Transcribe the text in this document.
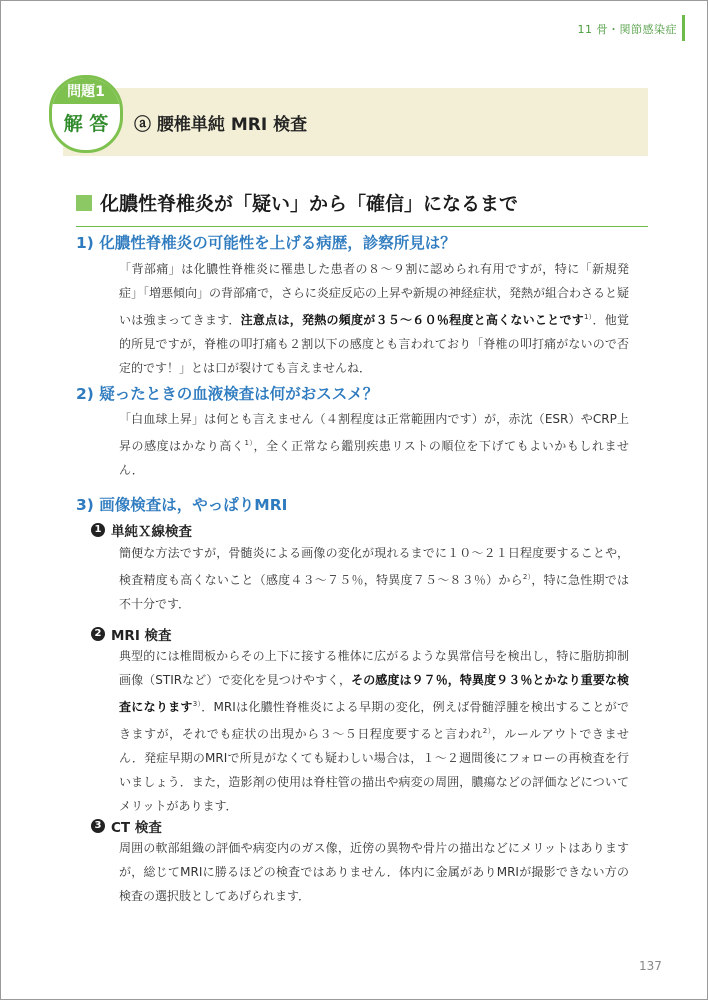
11 骨・関節感染症
問題1
解 答	ⓐ 腰椎単純 MRI 検査
化膿性脊椎炎が「疑い」から「確信」になるまで
1) 化膿性脊椎炎の可能性を上げる病歴，診察所見は？
「背部痛」は化膿性脊椎炎に罹患した患者の８～９割に認められ有用ですが，特に「新規発症」「増悪傾向」の背部痛で，さらに炎症反応の上昇や新規の神経症状，発熱が組合わさると疑いは強まってきます．注意点は，発熱の頻度が３５～６０％程度と高くないことです$^{1)}$．他覚的所見ですが，脊椎の叩打痛も２割以下の感度とも言われており「脊椎の叩打痛がないので否定的です！」とは口が裂けても言えませんね．
2) 疑ったときの血液検査は何がおススメ？
「白血球上昇」は何とも言えません（４割程度は正常範囲内です）が，赤沈（ESR）やCRP上昇の感度はかなり高く$^{1)}$，全く正常なら鑑別疾患リストの順位を下げてもよいかもしれません．
3) 画像検査は，やっぱりMRI
1 単純Ｘ線検査
簡便な方法ですが，骨髄炎による画像の変化が現れるまでに１０～２１日程度要することや，検査精度も高くないこと（感度４３～７５％，特異度７５～８３％）から$^{2)}$，特に急性期では不十分です．
2 MRI 検査
典型的には椎間板からその上下に接する椎体に広がるような異常信号を検出し，特に脂肪抑制画像（STIRなど）で変化を見つけやすく，その感度は９７％，特異度９３％とかなり重要な検査になります$^{3)}$．MRIは化膿性脊椎炎による早期の変化，例えば骨髄浮腫を検出することができますが，それでも症状の出現から３～５日程度要すると言われ$^{2)}$，ルールアウトできません．発症早期のMRIで所見がなくても疑わしい場合は，１～２週間後にフォローの再検査を行いましょう．また，造影剤の使用は脊柱管の描出や病変の周囲，膿瘍などの評価などについてメリットがあります．
3 CT 検査
周囲の軟部組織の評価や病変内のガス像，近傍の異物や骨片の描出などにメリットはありますが，総じてMRIに勝るほどの検査ではありません．体内に金属がありMRIが撮影できない方の検査の選択肢としてあげられます．
137
